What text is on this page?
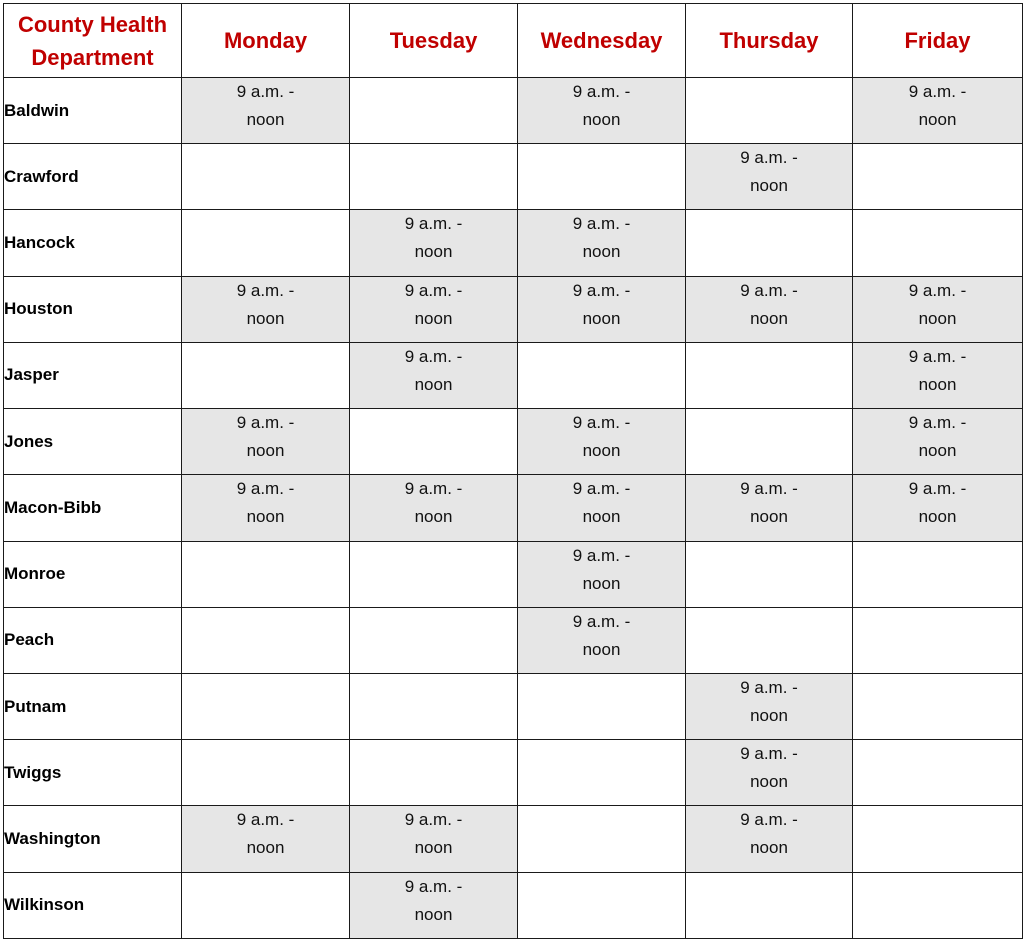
County Health
Department	Monday	Tuesday	Wednesday	Thursday	Friday
Baldwin	9 a.m. -
noon		9 a.m. -
noon		9 a.m. -
noon
Crawford				9 a.m. -
noon	
Hancock		9 a.m. -
noon	9 a.m. -
noon		
Houston	9 a.m. -
noon	9 a.m. -
noon	9 a.m. -
noon	9 a.m. -
noon	9 a.m. -
noon
Jasper		9 a.m. -
noon			9 a.m. -
noon
Jones	9 a.m. -
noon		9 a.m. -
noon		9 a.m. -
noon
Macon-Bibb	9 a.m. -
noon	9 a.m. -
noon	9 a.m. -
noon	9 a.m. -
noon	9 a.m. -
noon
Monroe			9 a.m. -
noon		
Peach			9 a.m. -
noon		
Putnam				9 a.m. -
noon	
Twiggs				9 a.m. -
noon	
Washington	9 a.m. -
noon	9 a.m. -
noon		9 a.m. -
noon	
Wilkinson		9 a.m. -
noon			
